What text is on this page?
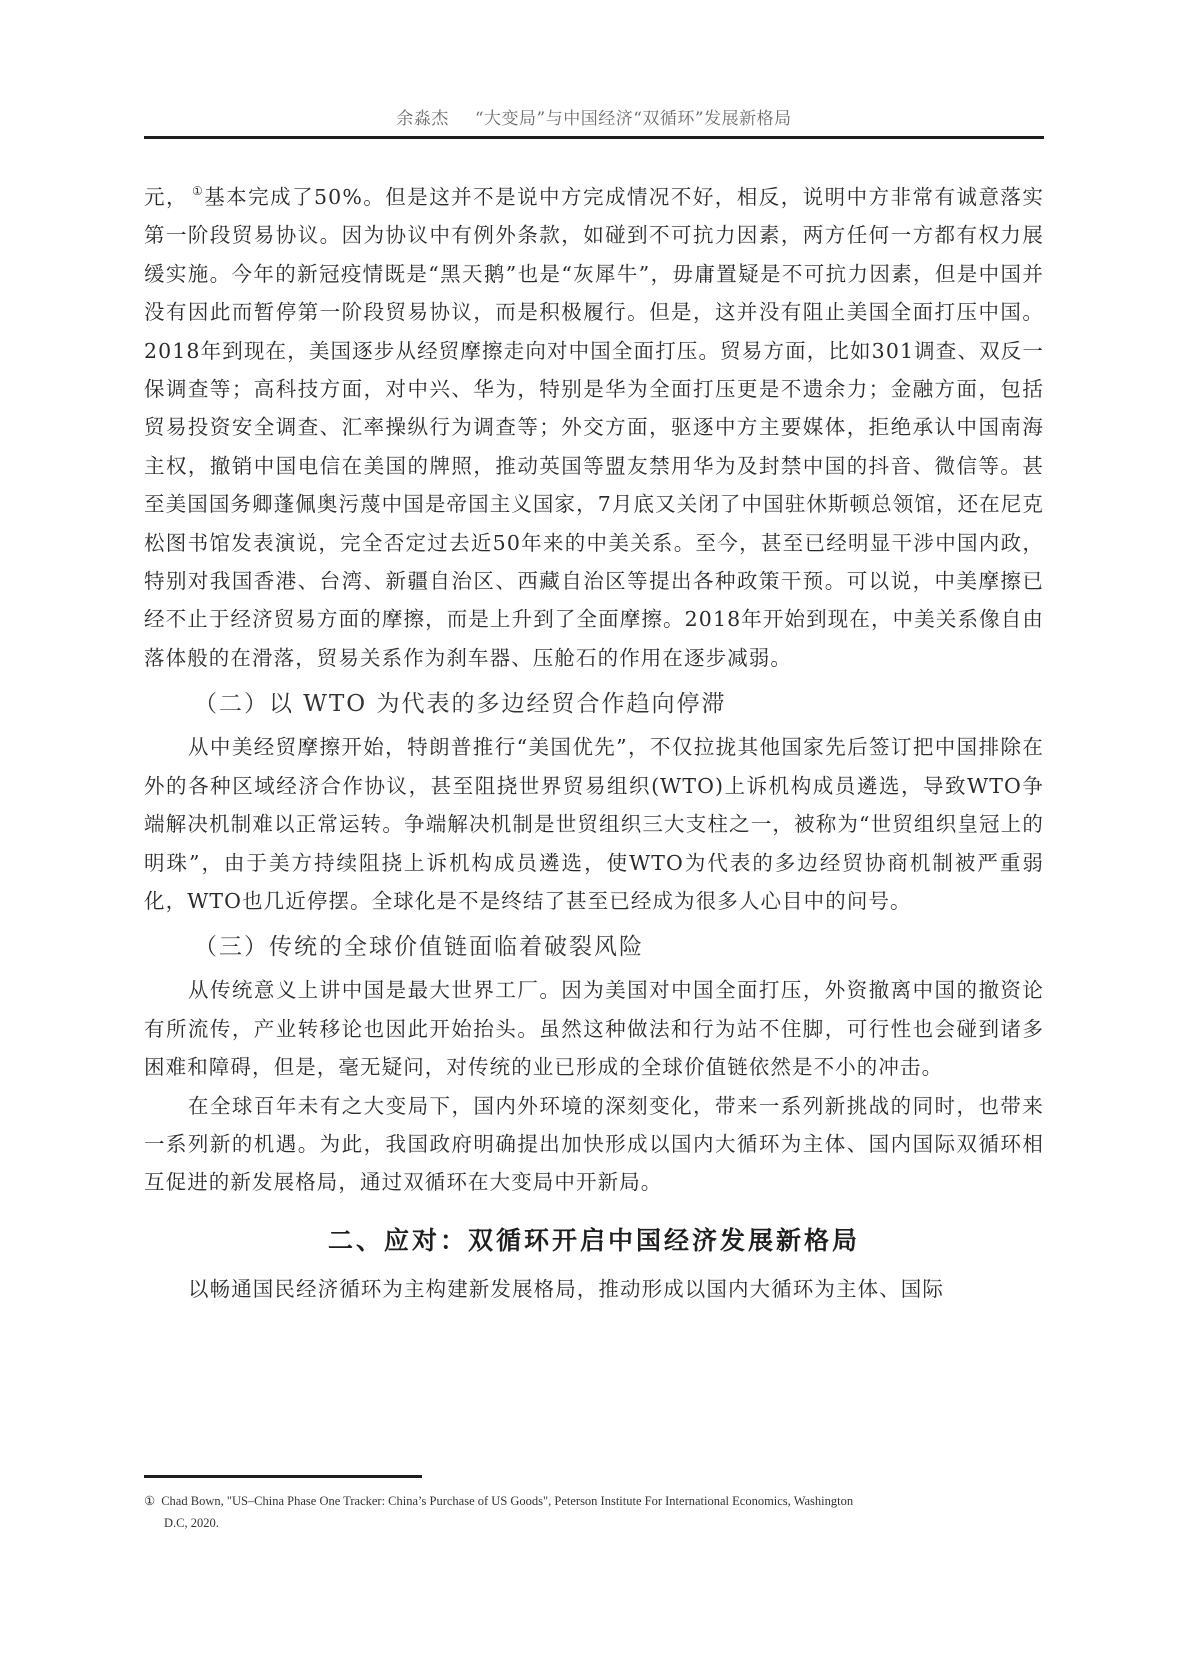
余淼杰 “大变局”与中国经济“双循环”发展新格局

元， ①基本完成了50%。但是这并不是说中方完成情况不好，相反，说明中方非常有诚意落实第一阶段贸易协议。因为协议中有例外条款，如碰到不可抗力因素，两方任何一方都有权力展缓实施。今年的新冠疫情既是“黑天鹅”也是“灰犀牛”，毋庸置疑是不可抗力因素，但是中国并没有因此而暂停第一阶段贸易协议，而是积极履行。但是，这并没有阻止美国全面打压中国。2018年到现在，美国逐步从经贸摩擦走向对中国全面打压。贸易方面，比如301调查、双反一保调查等；高科技方面，对中兴、华为，特别是华为全面打压更是不遗余力；金融方面，包括贸易投资安全调查、汇率操纵行为调查等；外交方面，驱逐中方主要媒体，拒绝承认中国南海主权，撤销中国电信在美国的牌照，推动英国等盟友禁用华为及封禁中国的抖音、微信等。甚至美国国务卿蓬佩奥污蔑中国是帝国主义国家，7月底又关闭了中国驻休斯顿总领馆，还在尼克松图书馆发表演说，完全否定过去近50年来的中美关系。至今，甚至已经明显干涉中国内政，特别对我国香港、台湾、新疆自治区、西藏自治区等提出各种政策干预。可以说，中美摩擦已经不止于经济贸易方面的摩擦，而是上升到了全面摩擦。2018年开始到现在，中美关系像自由落体般的在滑落，贸易关系作为刹车器、压舱石的作用在逐步减弱。

（二）以 WTO 为代表的多边经贸合作趋向停滞

从中美经贸摩擦开始，特朗普推行“美国优先”，不仅拉拢其他国家先后签订把中国排除在外的各种区域经济合作协议，甚至阻挠世界贸易组织(WTO)上诉机构成员遴选，导致WTO争端解决机制难以正常运转。争端解决机制是世贸组织三大支柱之一，被称为“世贸组织皇冠上的明珠”，由于美方持续阻挠上诉机构成员遴选，使WTO为代表的多边经贸协商机制被严重弱化，WTO也几近停摆。全球化是不是终结了甚至已经成为很多人心目中的问号。

（三）传统的全球价值链面临着破裂风险

从传统意义上讲中国是最大世界工厂。因为美国对中国全面打压，外资撤离中国的撤资论有所流传，产业转移论也因此开始抬头。虽然这种做法和行为站不住脚，可行性也会碰到诸多困难和障碍，但是，毫无疑问，对传统的业已形成的全球价值链依然是不小的冲击。

在全球百年未有之大变局下，国内外环境的深刻变化，带来一系列新挑战的同时，也带来一系列新的机遇。为此，我国政府明确提出加快形成以国内大循环为主体、国内国际双循环相互促进的新发展格局，通过双循环在大变局中开新局。

二、应对：双循环开启中国经济发展新格局

以畅通国民经济循环为主构建新发展格局，推动形成以国内大循环为主体、国际

① Chad Bown, "US–China Phase One Tracker: China’s Purchase of US Goods", Peterson Institute For International Economics, Washington
D.C, 2020.
